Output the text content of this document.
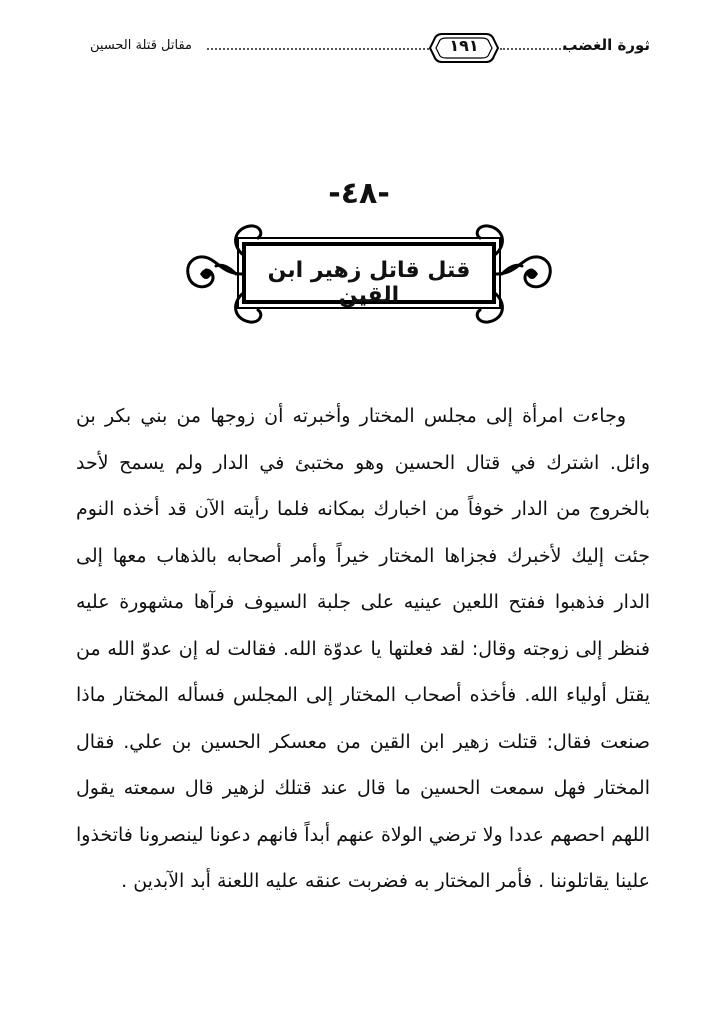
مقاتل قتلة الحسين	١٩١	ثورة الغضب
-٤٨-
قتل قاتل زهير ابن القين
وجاءت امرأة إلى مجلس المختار وأخبرته أن زوجها من بني بكر بن وائل. اشترك في قتال الحسين وهو مختبئ في الدار ولم يسمح لأحد بالخروج من الدار خوفاً من اخبارك بمكانه فلما رأيته الآن قد أخذه النوم جئت إليك لأخبرك فجزاها المختار خيراً وأمر أصحابه بالذهاب معها إلى الدار فذهبوا ففتح اللعين عينيه على جلبة السيوف فرآها مشهورة عليه فنظر إلى زوجته وقال: لقد فعلتها يا عدوّة الله. فقالت له إن عدوّ الله من يقتل أولياء الله. فأخذه أصحاب المختار إلى المجلس فسأله المختار ماذا صنعت فقال: قتلت زهير ابن القين من معسكر الحسين بن علي. فقال المختار فهل سمعت الحسين ما قال عند قتلك لزهير قال سمعته يقول اللهم احصهم عددا ولا ترضي الولاة عنهم أبداً فانهم دعونا لينصرونا فاتخذوا علينا يقاتلوننا . فأمر المختار به فضربت عنقه عليه اللعنة أبد الآبدين .
